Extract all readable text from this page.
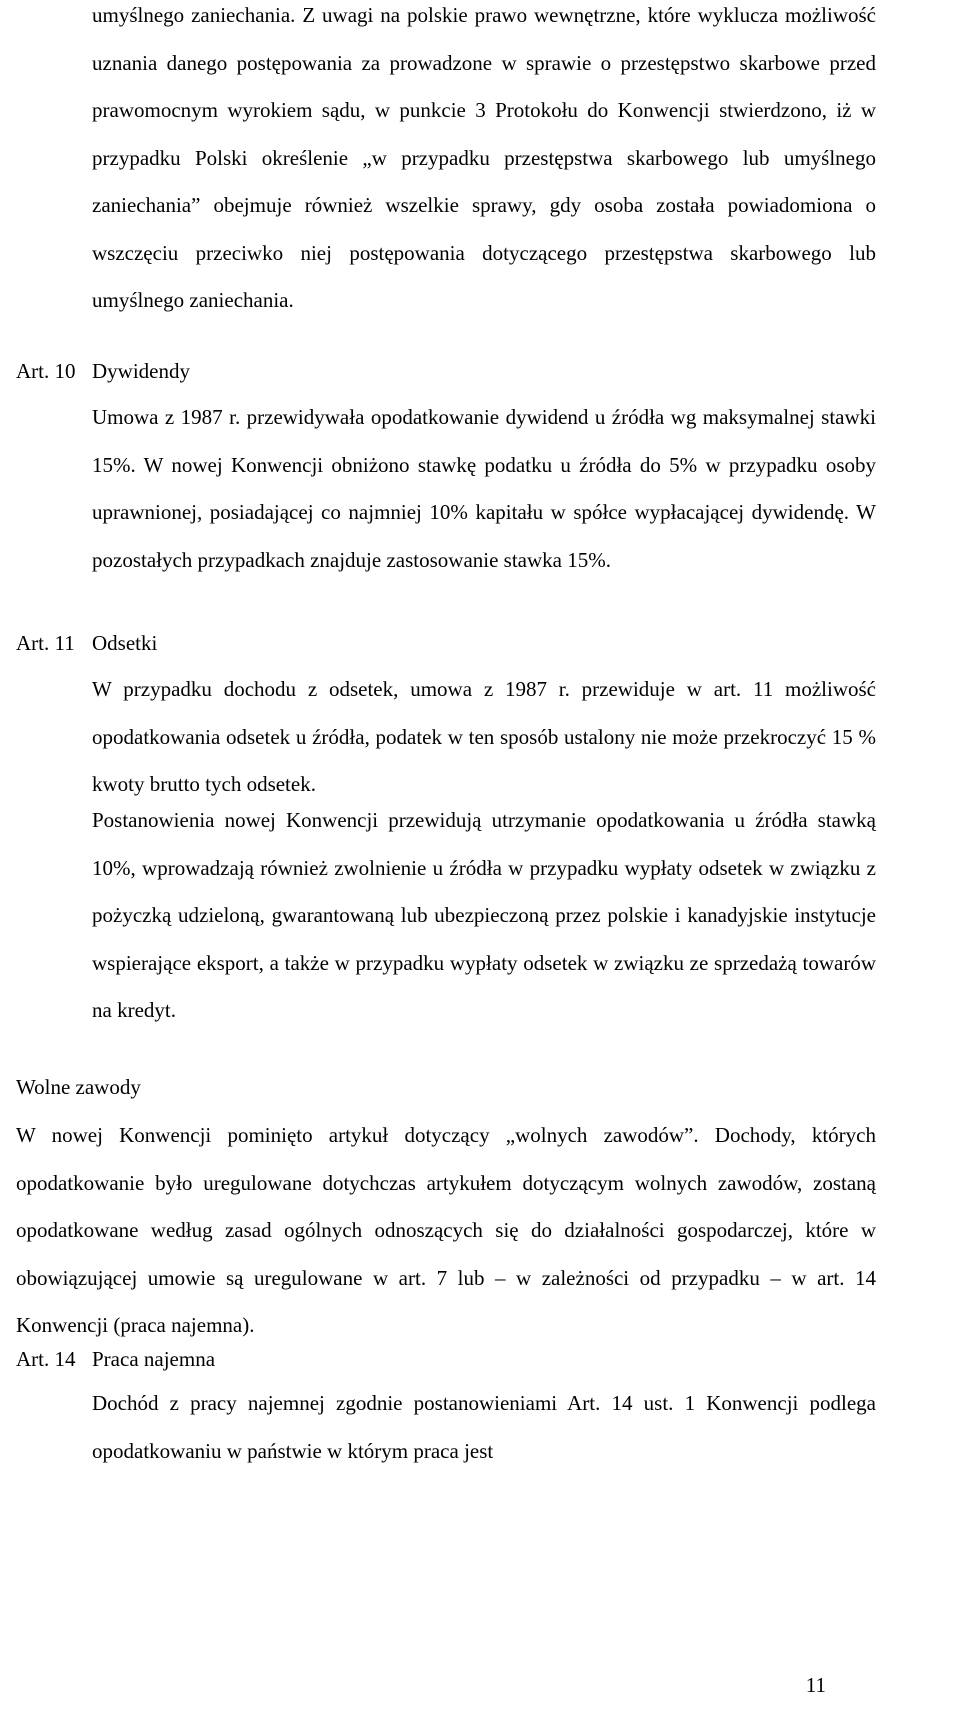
umyślnego zaniechania. Z uwagi na polskie prawo wewnętrzne, które wyklucza możliwość uznania danego postępowania za prowadzone w sprawie o przestępstwo skarbowe przed prawomocnym wyrokiem sądu, w punkcie 3 Protokołu do Konwencji stwierdzono, iż w przypadku Polski określenie „w przypadku przestępstwa skarbowego lub umyślnego zaniechania” obejmuje również wszelkie sprawy, gdy osoba została powiadomiona o wszczęciu przeciwko niej postępowania dotyczącego przestępstwa skarbowego lub umyślnego zaniechania.

Art. 10 Dywidendy

Umowa z 1987 r. przewidywała opodatkowanie dywidend u źródła wg maksymalnej stawki 15%. W nowej Konwencji obniżono stawkę podatku u źródła do 5% w przypadku osoby uprawnionej, posiadającej co najmniej 10% kapitału w spółce wypłacającej dywidendę. W pozostałych przypadkach znajduje zastosowanie stawka 15%.

Art. 11 Odsetki

W przypadku dochodu z odsetek, umowa z 1987 r. przewiduje w art. 11 możliwość opodatkowania odsetek u źródła, podatek w ten sposób ustalony nie może przekroczyć 15 % kwoty brutto tych odsetek.

Postanowienia nowej Konwencji przewidują utrzymanie opodatkowania u źródła stawką 10%, wprowadzają również zwolnienie u źródła w przypadku wypłaty odsetek w związku z pożyczką udzieloną, gwarantowaną lub ubezpieczoną przez polskie i kanadyjskie instytucje wspierające eksport, a także w przypadku wypłaty odsetek w związku ze sprzedażą towarów na kredyt.

Wolne zawody

W nowej Konwencji pominięto artykuł dotyczący „wolnych zawodów”. Dochody, których opodatkowanie było uregulowane dotychczas artykułem dotyczącym wolnych zawodów, zostaną opodatkowane według zasad ogólnych odnoszących się do działalności gospodarczej, które w obowiązującej umowie są uregulowane w art. 7 lub – w zależności od przypadku – w art. 14 Konwencji (praca najemna).

Art. 14 Praca najemna

Dochód z pracy najemnej zgodnie postanowieniami Art. 14 ust. 1 Konwencji podlega opodatkowaniu w państwie w którym praca jest

11
